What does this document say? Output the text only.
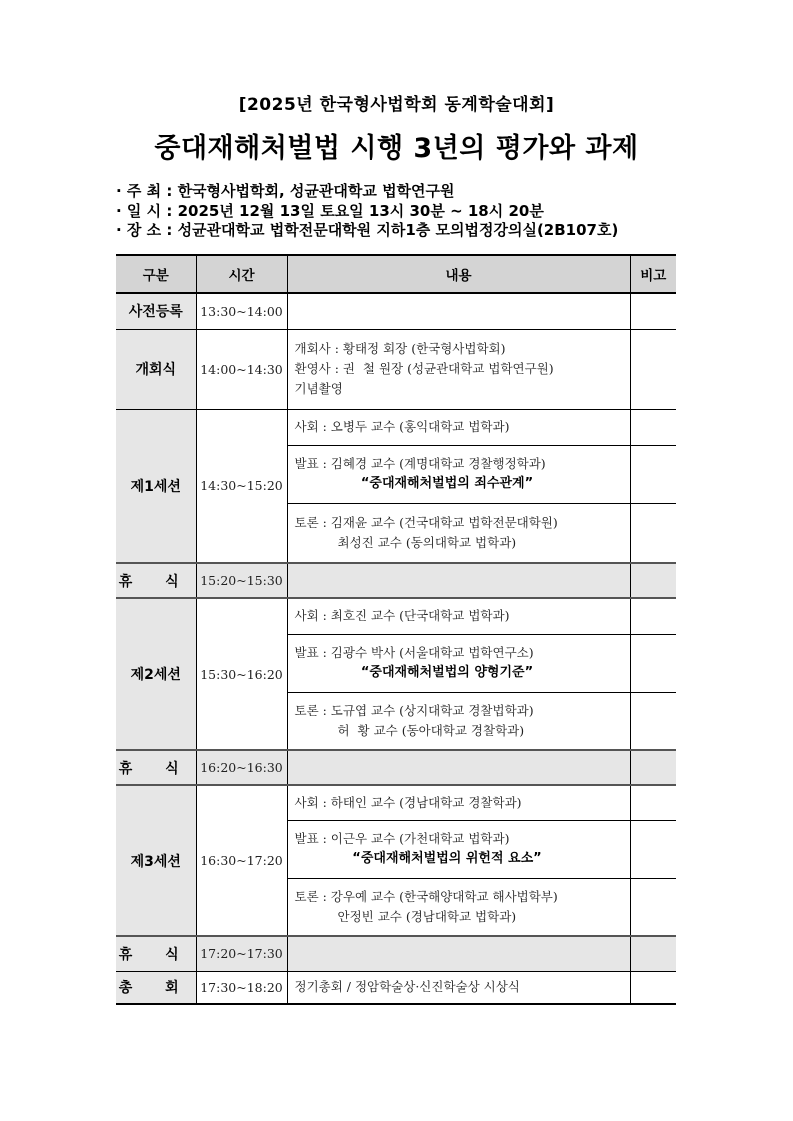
[2025년 한국형사법학회 동계학술대회]
중대재해처벌법 시행 3년의 평가와 과제
· 주 최 : 한국형사법학회, 성균관대학교 법학연구원
· 일 시 : 2025년 12월 13일 토요일 13시 30분 ~ 18시 20분
· 장 소 : 성균관대학교 법학전문대학원 지하1층 모의법정강의실(2B107호)
구분	시간	내용	비고
사전등록	13:30~14:00		
개회식	14:00~14:30	개회사 : 황태정 회장 (한국형사법학회)
환영사 : 권  철 원장 (성균관대학교 법학연구원)
기념촬영	

제1세션	14:30~15:20	사회 : 오병두 교수 (홍익대학교 법학과)	

		발표 : 김혜경 교수 (계명대학교 경찰행정학과)
“중대재해처벌법의 죄수관계”	

		토론 : 김재윤 교수 (건국대학교 법학전문대학원)
최성진 교수 (동의대학교 법학과)	

휴 식	15:20~15:30		
제2세션	15:30~16:20	사회 : 최호진 교수 (단국대학교 법학과)	

		발표 : 김광수 박사 (서울대학교 법학연구소)
“중대재해처벌법의 양형기준”	

		토론 : 도규엽 교수 (상지대학교 경찰법학과)
허  황 교수 (동아대학교 경찰학과)	

휴 식	16:20~16:30		
제3세션	16:30~17:20	사회 : 하태인 교수 (경남대학교 경찰학과)	

		발표 : 이근우 교수 (가천대학교 법학과)
“중대재해처벌법의 위헌적 요소”	

		토론 : 강우예 교수 (한국해양대학교 해사법학부)
안정빈 교수 (경남대학교 법학과)	

휴 식	17:20~17:30		
총 회	17:30~18:20	정기총회 / 정암학술상·신진학술상 시상식	
